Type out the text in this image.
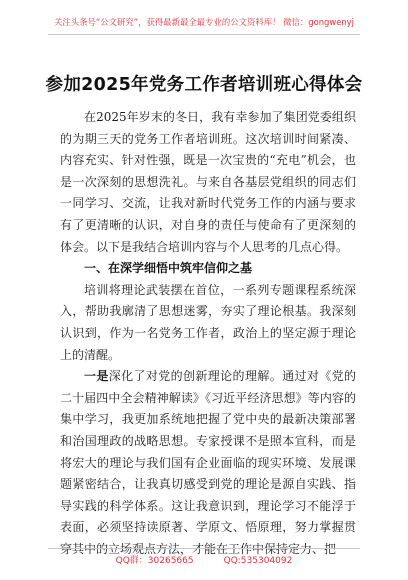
关注头条号“公文研究”，获得最新最全最专业的公文资料库！ 微信：gongwenyj
参加2025年党务工作者培训班心得体会

在2025年岁末的冬日，我有幸参加了集团党委组织的为期三天的党务工作者培训班。这次培训时间紧凑、内容充实、针对性强，既是一次宝贵的“充电”机会，也是一次深刻的思想洗礼。与来自各基层党组织的同志们一同学习、交流，让我对新时代党务工作的内涵与要求有了更清晰的认识，对自身的责任与使命有了更深刻的体会。以下是我结合培训内容与个人思考的几点心得。

一、在深学细悟中筑牢信仰之基

培训将理论武装摆在首位，一系列专题课程系统深入，帮助我廓清了思想迷雾，夯实了理论根基。我深刻认识到，作为一名党务工作者，政治上的坚定源于理论上的清醒。

一是深化了对党的创新理论的理解。通过对《党的二十届四中全会精神解读》《习近平经济思想》等内容的集中学习，我更加系统地把握了党中央的最新决策部署和治国理政的战略思想。专家授课不是照本宣科，而是将宏大的理论与我们国有企业面临的现实环境、发展课题紧密结合，让我真切感受到党的理论是源自实践、指导实践的科学体系。这让我意识到，理论学习不能浮于表面，必须坚持读原著、学原文、悟原理，努力掌握贯穿其中的立场观点方法，才能在工作中保持定力、把

QQ群：30265665	QQ:535304092
